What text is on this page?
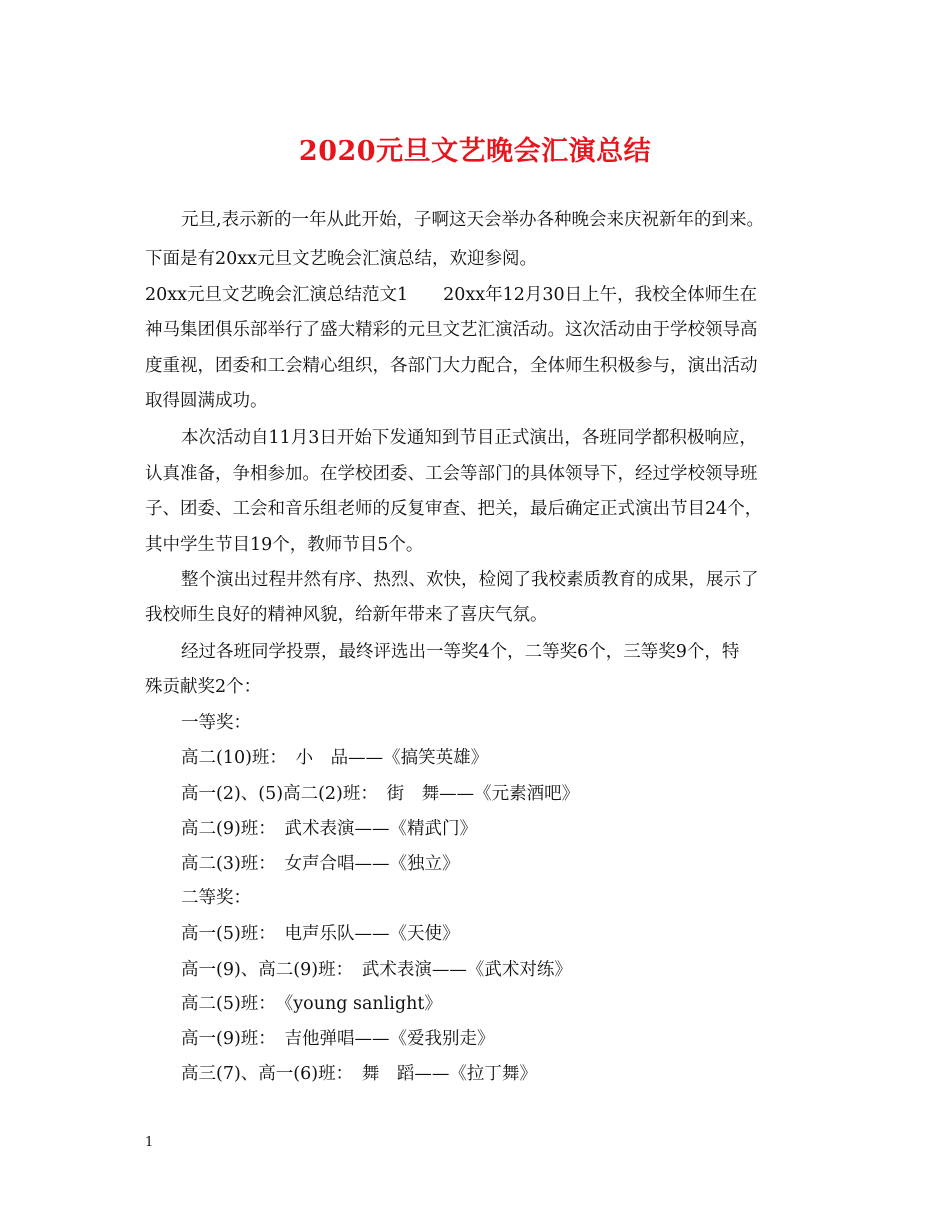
2020元旦文艺晚会汇演总结
元旦,表示新的一年从此开始，子啊这天会举办各种晚会来庆祝新年的到来。
下面是有20xx元旦文艺晚会汇演总结，欢迎参阅。
20xx元旦文艺晚会汇演总结范文1　　20xx年12月30日上午，我校全体师生在
神马集团俱乐部举行了盛大精彩的元旦文艺汇演活动。这次活动由于学校领导高
度重视，团委和工会精心组织，各部门大力配合，全体师生积极参与，演出活动
取得圆满成功。
本次活动自11月3日开始下发通知到节目正式演出，各班同学都积极响应，
认真准备，争相参加。在学校团委、工会等部门的具体领导下，经过学校领导班
子、团委、工会和音乐组老师的反复审查、把关，最后确定正式演出节目24个，
其中学生节目19个，教师节目5个。
整个演出过程井然有序、热烈、欢快，检阅了我校素质教育的成果，展示了
我校师生良好的精神风貌，给新年带来了喜庆气氛。
经过各班同学投票，最终评选出一等奖4个，二等奖6个，三等奖9个，特
殊贡献奖2个：
一等奖：
高二(10)班：　小　品——《搞笑英雄》
高一(2)、(5)高二(2)班：　街　舞——《元素酒吧》
高二(9)班：　武术表演——《精武门》
高二(3)班：　女声合唱——《独立》
二等奖：
高一(5)班：　电声乐队——《天使》
高一(9)、高二(9)班：　武术表演——《武术对练》
高二(5)班：　《young sanlight》
高一(9)班：　吉他弹唱——《爱我别走》
高三(7)、高一(6)班：　舞　蹈——《拉丁舞》
1
